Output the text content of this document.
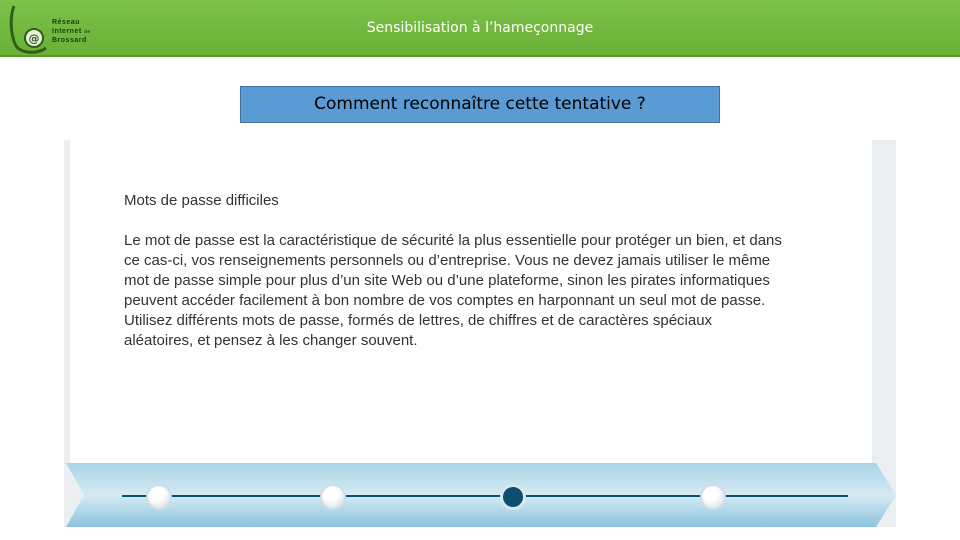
@
Réseau
Internet de
Brossard
Sensibilisation à l’hameçonnage
Comment reconnaître cette tentative ?
Mots de passe difficiles
Le mot de passe est la caractéristique de sécurité la plus essentielle pour protéger un bien, et dans ce cas-ci, vos renseignements personnels ou d’entreprise. Vous ne devez jamais utiliser le même mot de passe simple pour plus d’un site Web ou d’une plateforme, sinon les pirates informatiques peuvent accéder facilement à bon nombre de vos comptes en harponnant un seul mot de passe. Utilisez différents mots de passe, formés de lettres, de chiffres et de caractères spéciaux aléatoires, et pensez à les changer souvent.
